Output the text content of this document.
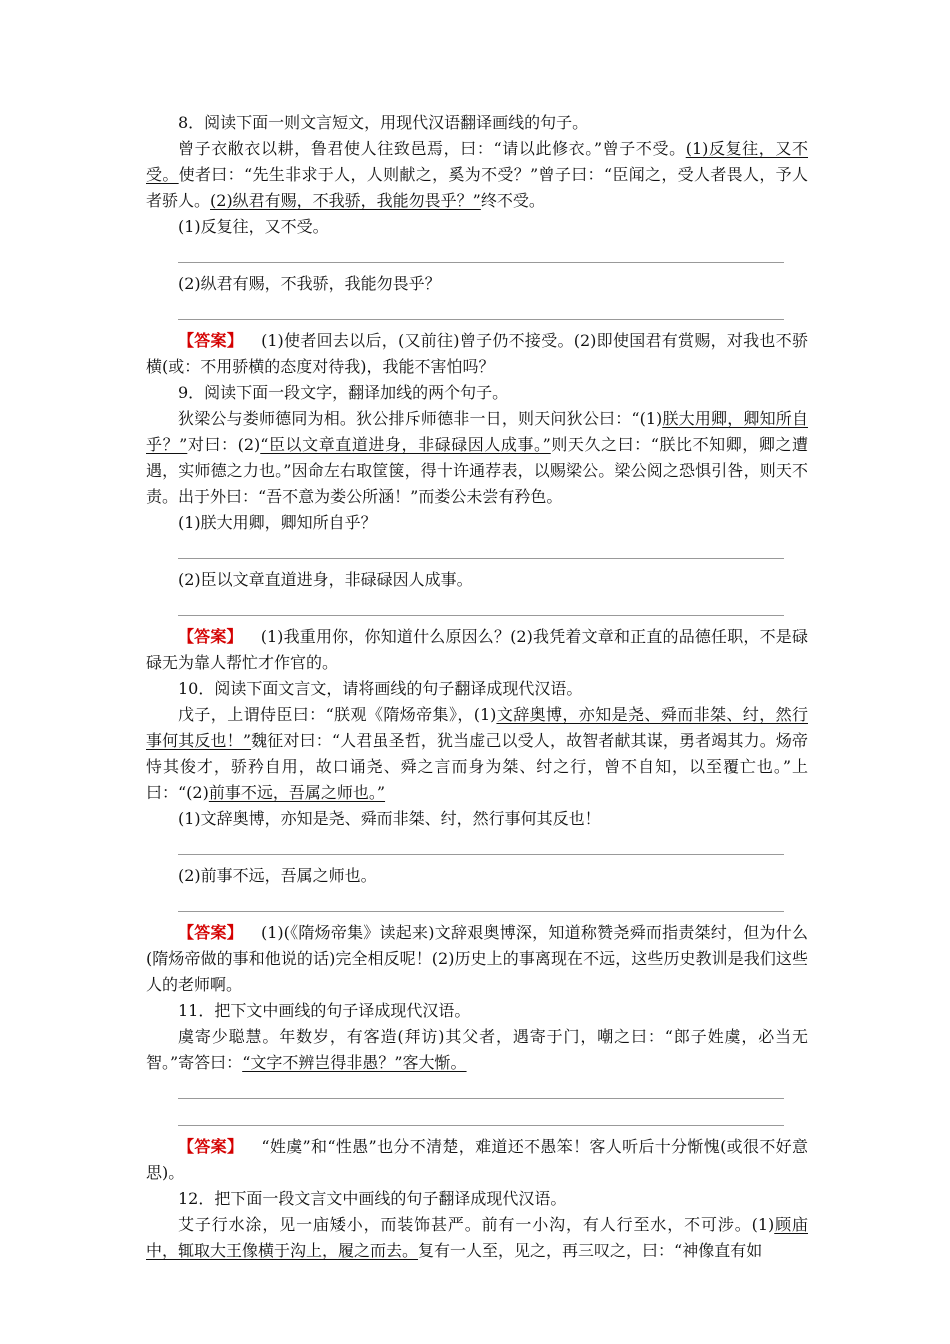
8．阅读下面一则文言短文，用现代汉语翻译画线的句子。

曾子衣敝衣以耕，鲁君使人往致邑焉，曰：“请以此修衣。”曾子不受。(1)反复往，又不受。使者曰：“先生非求于人，人则献之，奚为不受？”曾子曰：“臣闻之，受人者畏人，予人者骄人。(2)纵君有赐，不我骄，我能勿畏乎？”终不受。

(1)反复往，又不受。

(2)纵君有赐，不我骄，我能勿畏乎？

【答案】 (1)使者回去以后，(又前往)曾子仍不接受。(2)即使国君有赏赐，对我也不骄横(或：不用骄横的态度对待我)，我能不害怕吗？

9．阅读下面一段文字，翻译加线的两个句子。

狄梁公与娄师德同为相。狄公排斥师德非一日，则天问狄公曰：“(1)朕大用卿，卿知所自乎？”对曰：(2)“臣以文章直道进身，非碌碌因人成事。”则天久之曰：“朕比不知卿，卿之遭遇，实师德之力也。”因命左右取筐箧，得十许通荐表，以赐梁公。梁公阅之恐惧引咎，则天不责。出于外曰：“吾不意为娄公所涵！”而娄公未尝有矜色。

(1)朕大用卿，卿知所自乎？

(2)臣以文章直道进身，非碌碌因人成事。

【答案】 (1)我重用你，你知道什么原因么？(2)我凭着文章和正直的品德任职，不是碌碌无为靠人帮忙才作官的。

10．阅读下面文言文，请将画线的句子翻译成现代汉语。

戊子，上谓侍臣曰：“朕观《隋炀帝集》，(1)文辞奥博，亦知是尧、舜而非桀、纣，然行事何其反也！”魏征对曰：“人君虽圣哲，犹当虚己以受人，故智者献其谋，勇者竭其力。炀帝恃其俊才，骄矜自用，故口诵尧、舜之言而身为桀、纣之行，曾不自知，以至覆亡也。”上曰：“(2)前事不远，吾属之师也。”

(1)文辞奥博，亦知是尧、舜而非桀、纣，然行事何其反也！

(2)前事不远，吾属之师也。

【答案】 (1)(《隋炀帝集》读起来)文辞艰奥博深，知道称赞尧舜而指责桀纣，但为什么(隋炀帝做的事和他说的话)完全相反呢！(2)历史上的事离现在不远，这些历史教训是我们这些人的老师啊。

11．把下文中画线的句子译成现代汉语。

虞寄少聪慧。年数岁，有客造(拜访)其父者，遇寄于门，嘲之曰：“郎子姓虞，必当无智。”寄答曰：“文字不辨岂得非愚？”客大惭。

【答案】 “姓虞”和“性愚”也分不清楚，难道还不愚笨！客人听后十分惭愧(或很不好意思)。

12．把下面一段文言文中画线的句子翻译成现代汉语。

艾子行水涂，见一庙矮小，而装饰甚严。前有一小沟，有人行至水，不可涉。(1)顾庙中，辄取大王像横于沟上，履之而去。复有一人至，见之，再三叹之，曰：“神像直有如
